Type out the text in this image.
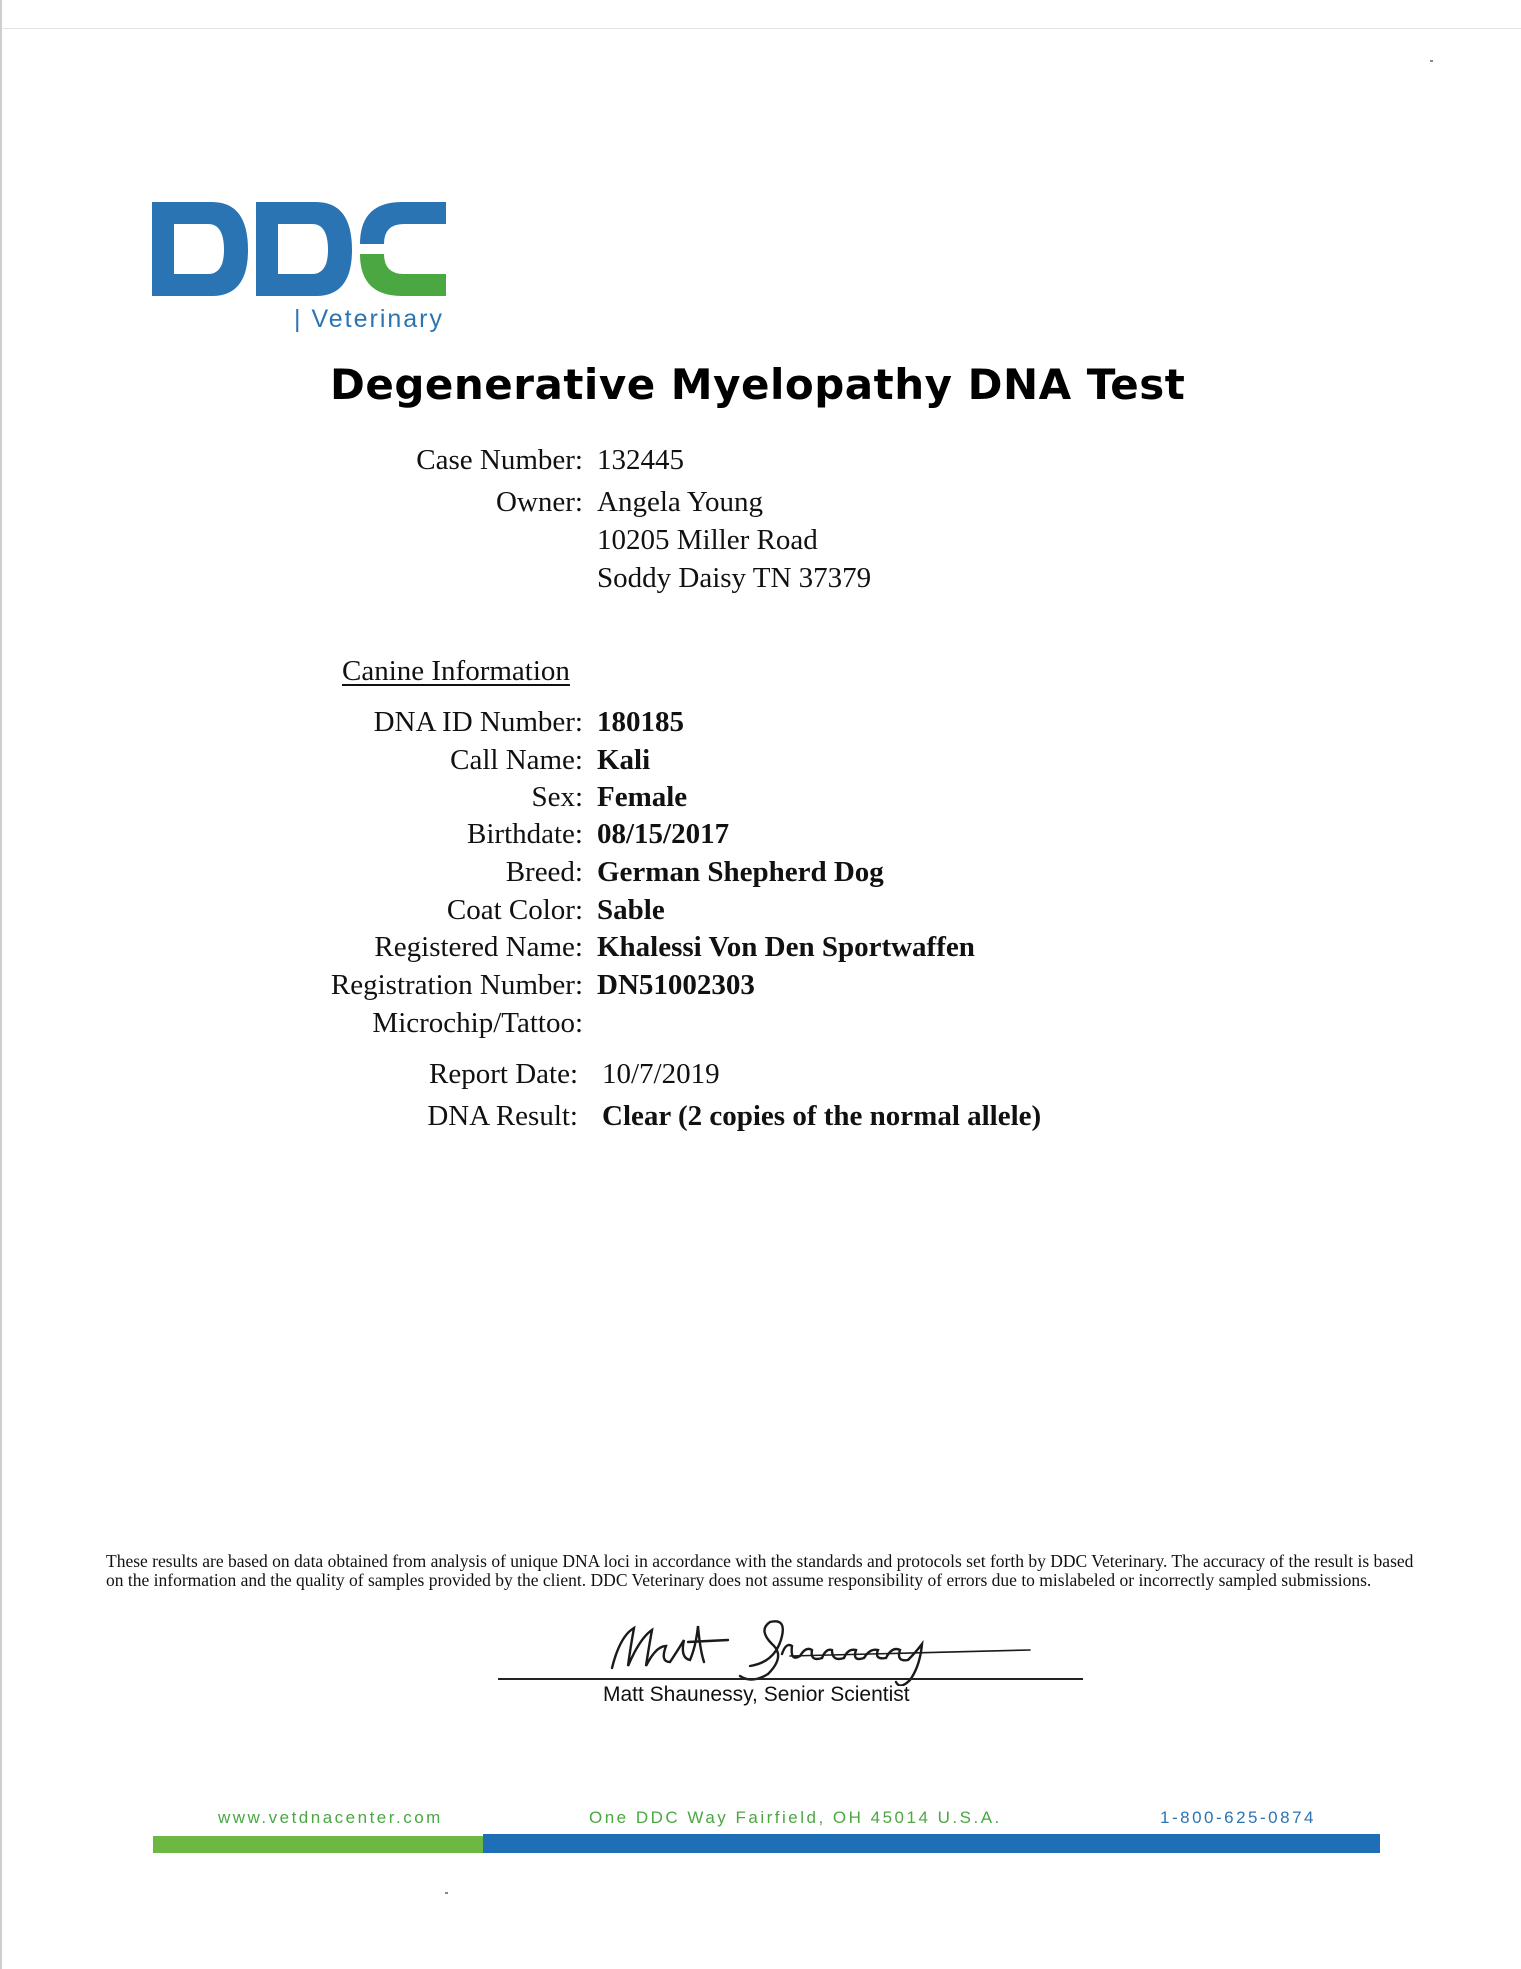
| Veterinary
Degenerative Myelopathy DNA Test
Case Number: 132445
Owner: Angela Young
10205 Miller Road
Soddy Daisy TN 37379
Canine Information
DNA ID Number: 180185
Call Name: Kali
Sex: Female
Birthdate: 08/15/2017
Breed: German Shepherd Dog
Coat Color: Sable
Registered Name: Khalessi Von Den Sportwaffen
Registration Number: DN51002303
Microchip/Tattoo:
Report Date: 10/7/2019
DNA Result: Clear (2 copies of the normal allele)
These results are based on data obtained from analysis of unique DNA loci in accordance with the standards and protocols set forth by DDC Veterinary. The accuracy of the result is based on the information and the quality of samples provided by the client. DDC Veterinary does not assume responsibility of errors due to mislabeled or incorrectly sampled submissions.
Matt Shaunessy, Senior Scientist
www.vetdnacenter.com	One DDC Way Fairfield, OH 45014 U.S.A.	1-800-625-0874
